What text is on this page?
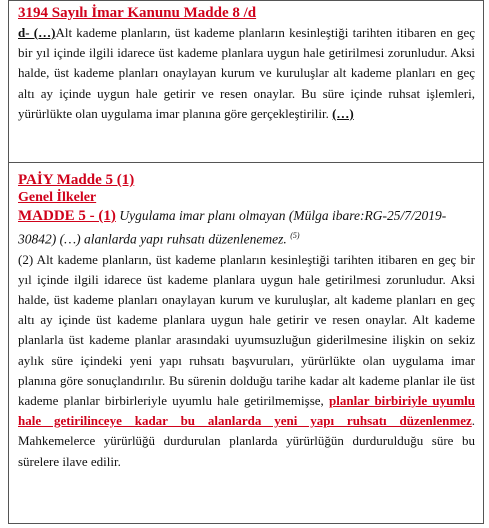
3194 Sayılı İmar Kanunu Madde 8 /d

d- (…)Alt kademe planların, üst kademe planların kesinleştiği tarihten itibaren en geç bir yıl içinde ilgili idarece üst kademe planlara uygun hale getirilmesi zorunludur. Aksi halde, üst kademe planları onaylayan kurum ve kuruluşlar alt kademe planları en geç altı ay içinde uygun hale getirir ve resen onaylar. Bu süre içinde ruhsat işlemleri, yürürlükte olan uygulama imar planına göre gerçekleştirilir. (…)

PAİY Madde 5 (1)
Genel İlkeler
MADDE 5 - (1) Uygulama imar planı olmayan (Mülga ibare:RG-25/7/2019-30842) (…) alanlarda yapı ruhsatı düzenlenemez. $^{(5)}$

(2) Alt kademe planların, üst kademe planların kesinleştiği tarihten itibaren en geç bir yıl içinde ilgili idarece üst kademe planlara uygun hale getirilmesi zorunludur. Aksi halde, üst kademe planları onaylayan kurum ve kuruluşlar, alt kademe planları en geç altı ay içinde üst kademe planlara uygun hale getirir ve resen onaylar. Alt kademe planlarla üst kademe planlar arasındaki uyumsuzluğun giderilmesine ilişkin on sekiz aylık süre içindeki yeni yapı ruhsatı başvuruları, yürürlükte olan uygulama imar planına göre sonuçlandırılır. Bu sürenin dolduğu tarihe kadar alt kademe planlar ile üst kademe planlar birbirleriyle uyumlu hale getirilmemişse, planlar birbiriyle uyumlu hale getirilinceye kadar bu alanlarda yeni yapı ruhsatı düzenlenmez. Mahkemelerce yürürlüğü durdurulan planlarda yürürlüğün durdurulduğu süre bu sürelere ilave edilir.
